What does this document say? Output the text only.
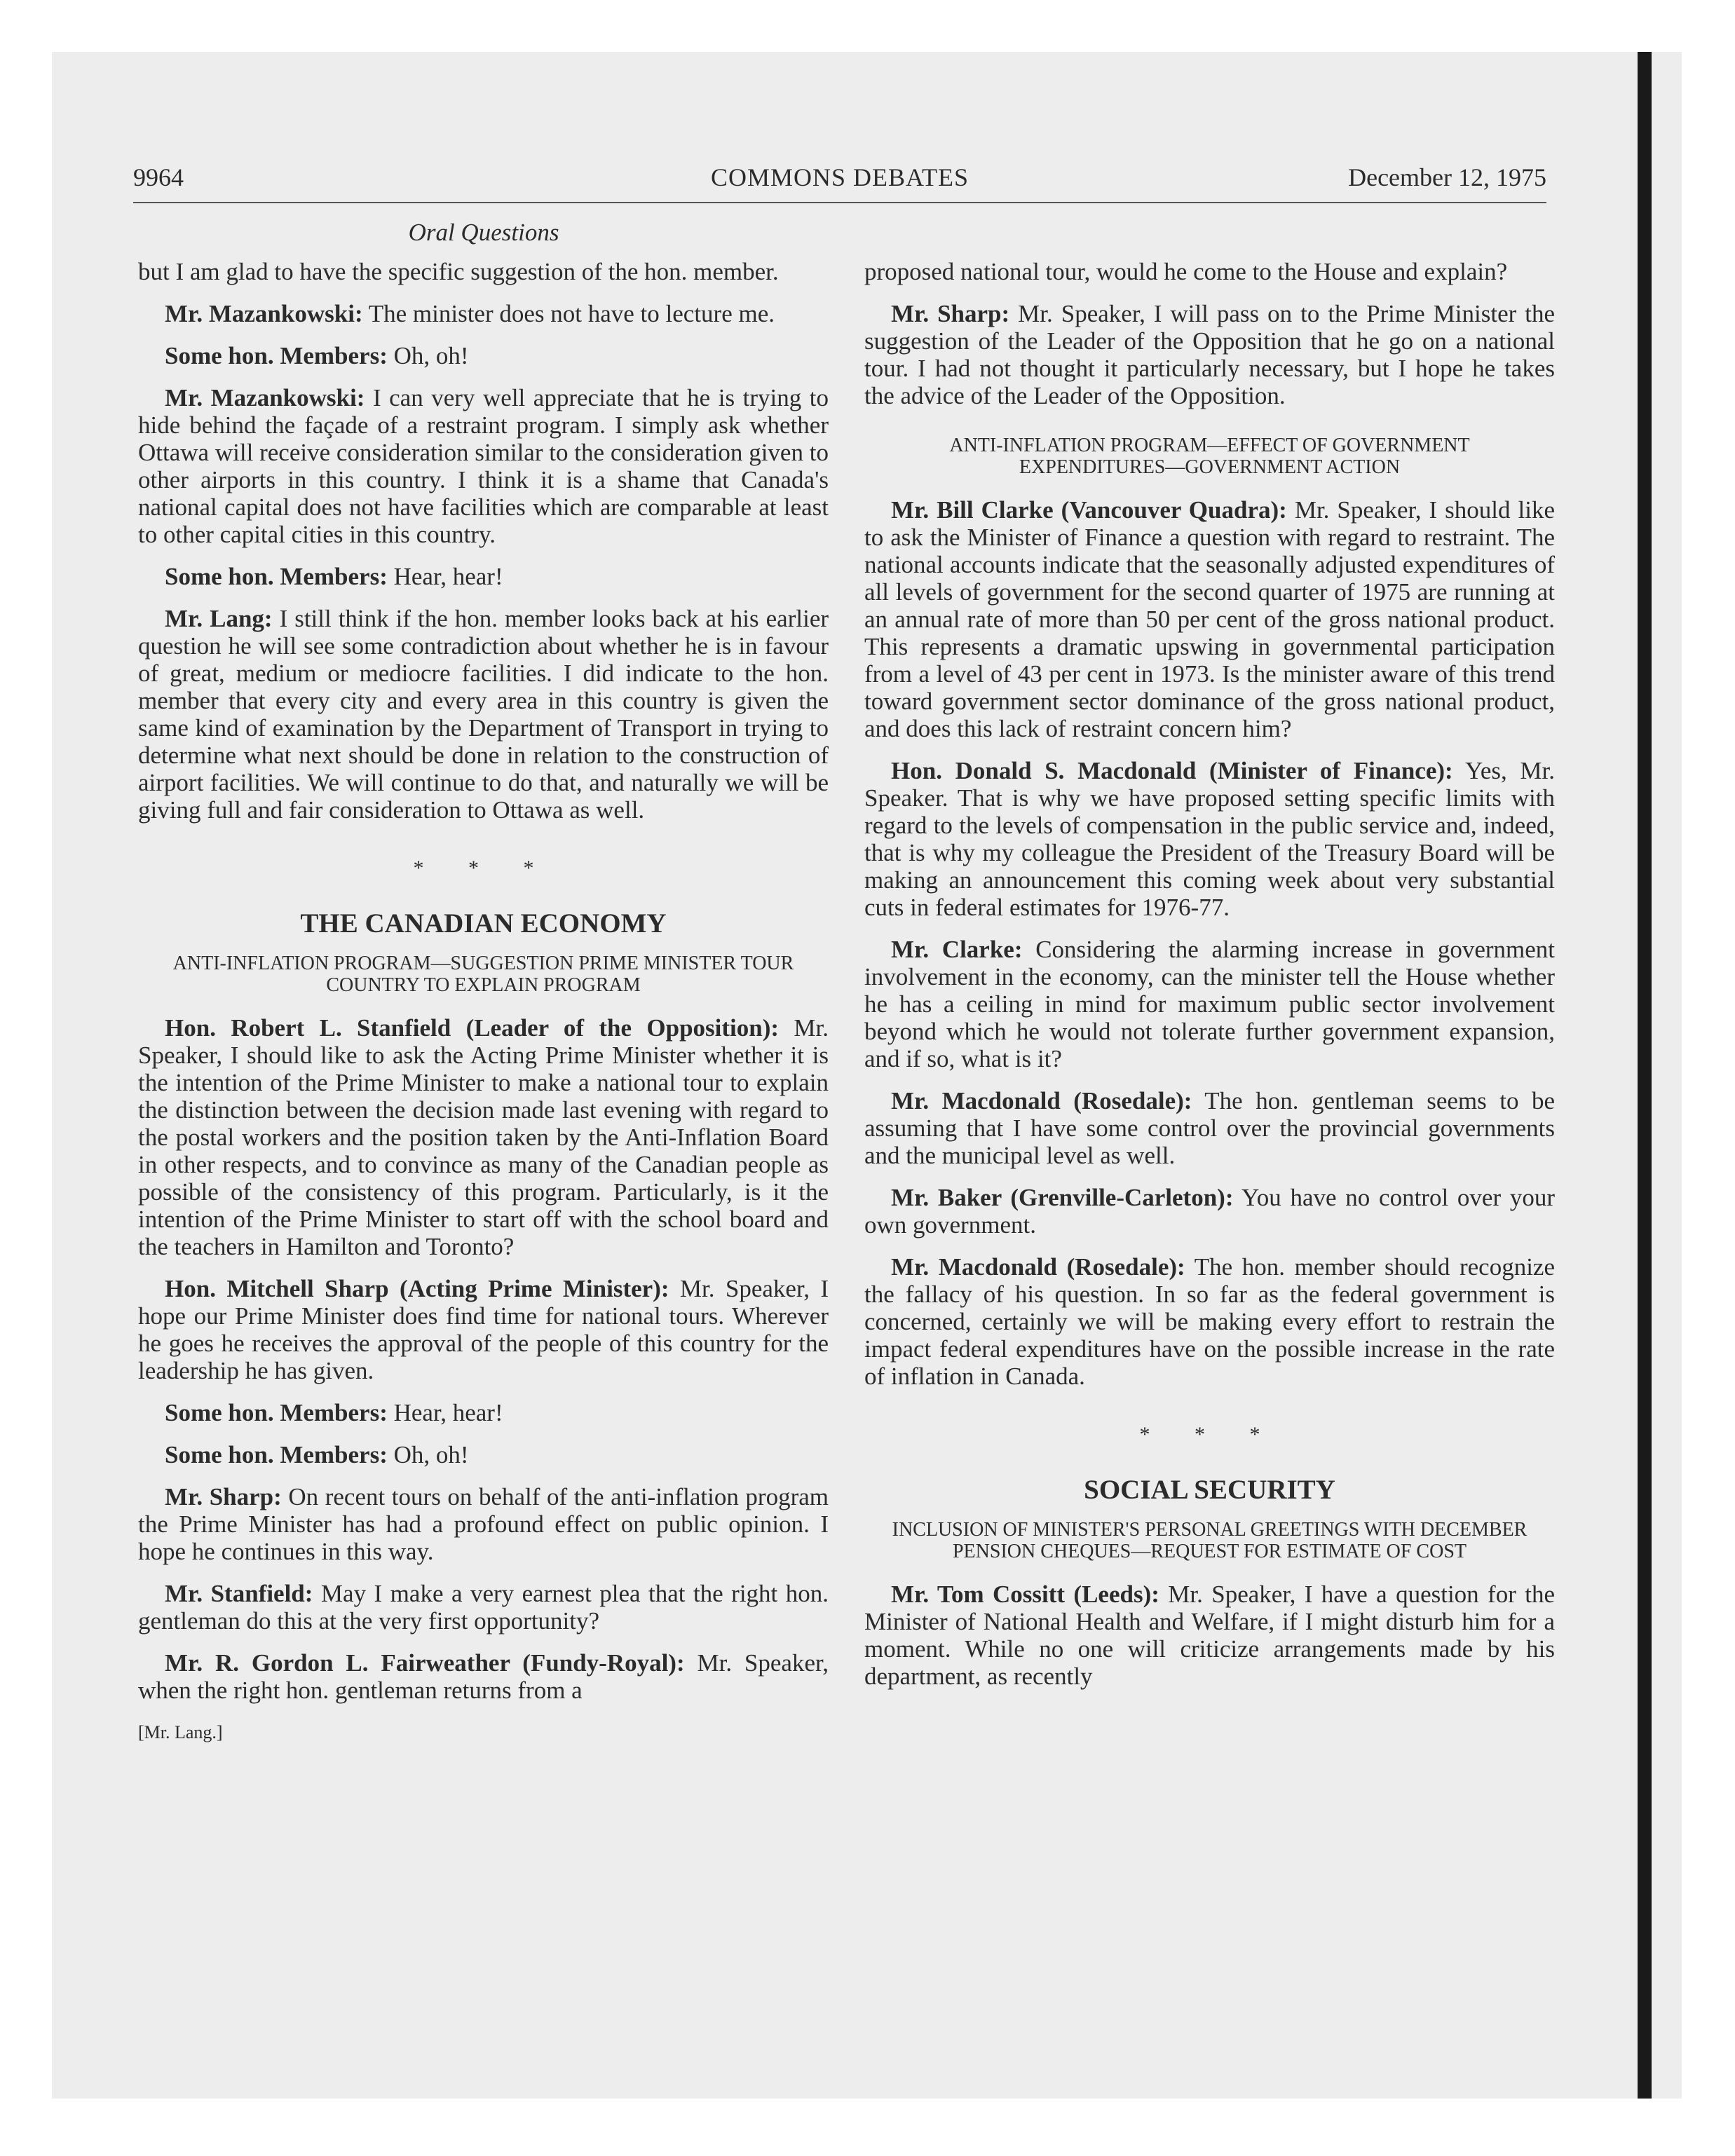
9964	COMMONS DEBATES	December 12, 1975
Oral Questions

but I am glad to have the specific suggestion of the hon. member.

Mr. Mazankowski: The minister does not have to lecture me.

Some hon. Members: Oh, oh!

Mr. Mazankowski: I can very well appreciate that he is trying to hide behind the façade of a restraint program. I simply ask whether Ottawa will receive consideration similar to the consideration given to other airports in this country. I think it is a shame that Canada's national capital does not have facilities which are comparable at least to other capital cities in this country.

Some hon. Members: Hear, hear!

Mr. Lang: I still think if the hon. member looks back at his earlier question he will see some contradiction about whether he is in favour of great, medium or mediocre facilities. I did indicate to the hon. member that every city and every area in this country is given the same kind of examination by the Department of Transport in trying to determine what next should be done in relation to the construction of airport facilities. We will continue to do that, and naturally we will be giving full and fair consideration to Ottawa as well.

* * *
THE CANADIAN ECONOMY
ANTI-INFLATION PROGRAM—SUGGESTION PRIME MINISTER TOUR COUNTRY TO EXPLAIN PROGRAM

Hon. Robert L. Stanfield (Leader of the Opposition): Mr. Speaker, I should like to ask the Acting Prime Minister whether it is the intention of the Prime Minister to make a national tour to explain the distinction between the decision made last evening with regard to the postal workers and the position taken by the Anti-Inflation Board in other respects, and to convince as many of the Canadian people as possible of the consistency of this program. Particularly, is it the intention of the Prime Minister to start off with the school board and the teachers in Hamilton and Toronto?

Hon. Mitchell Sharp (Acting Prime Minister): Mr. Speaker, I hope our Prime Minister does find time for national tours. Wherever he goes he receives the approval of the people of this country for the leadership he has given.

Some hon. Members: Hear, hear!

Some hon. Members: Oh, oh!

Mr. Sharp: On recent tours on behalf of the anti-inflation program the Prime Minister has had a profound effect on public opinion. I hope he continues in this way.

Mr. Stanfield: May I make a very earnest plea that the right hon. gentleman do this at the very first opportunity?

Mr. R. Gordon L. Fairweather (Fundy-Royal): Mr. Speaker, when the right hon. gentleman returns from a

[Mr. Lang.]

proposed national tour, would he come to the House and explain?

Mr. Sharp: Mr. Speaker, I will pass on to the Prime Minister the suggestion of the Leader of the Opposition that he go on a national tour. I had not thought it particularly necessary, but I hope he takes the advice of the Leader of the Opposition.

ANTI-INFLATION PROGRAM—EFFECT OF GOVERNMENT EXPENDITURES—GOVERNMENT ACTION

Mr. Bill Clarke (Vancouver Quadra): Mr. Speaker, I should like to ask the Minister of Finance a question with regard to restraint. The national accounts indicate that the seasonally adjusted expenditures of all levels of government for the second quarter of 1975 are running at an annual rate of more than 50 per cent of the gross national product. This represents a dramatic upswing in governmental participation from a level of 43 per cent in 1973. Is the minister aware of this trend toward government sector dominance of the gross national product, and does this lack of restraint concern him?

Hon. Donald S. Macdonald (Minister of Finance): Yes, Mr. Speaker. That is why we have proposed setting specific limits with regard to the levels of compensation in the public service and, indeed, that is why my colleague the President of the Treasury Board will be making an announcement this coming week about very substantial cuts in federal estimates for 1976-77.

Mr. Clarke: Considering the alarming increase in government involvement in the economy, can the minister tell the House whether he has a ceiling in mind for maximum public sector involvement beyond which he would not tolerate further government expansion, and if so, what is it?

Mr. Macdonald (Rosedale): The hon. gentleman seems to be assuming that I have some control over the provincial governments and the municipal level as well.

Mr. Baker (Grenville-Carleton): You have no control over your own government.

Mr. Macdonald (Rosedale): The hon. member should recognize the fallacy of his question. In so far as the federal government is concerned, certainly we will be making every effort to restrain the impact federal expenditures have on the possible increase in the rate of inflation in Canada.

* * *
SOCIAL SECURITY
INCLUSION OF MINISTER'S PERSONAL GREETINGS WITH DECEMBER PENSION CHEQUES—REQUEST FOR ESTIMATE OF COST

Mr. Tom Cossitt (Leeds): Mr. Speaker, I have a question for the Minister of National Health and Welfare, if I might disturb him for a moment. While no one will criticize arrangements made by his department, as recently
